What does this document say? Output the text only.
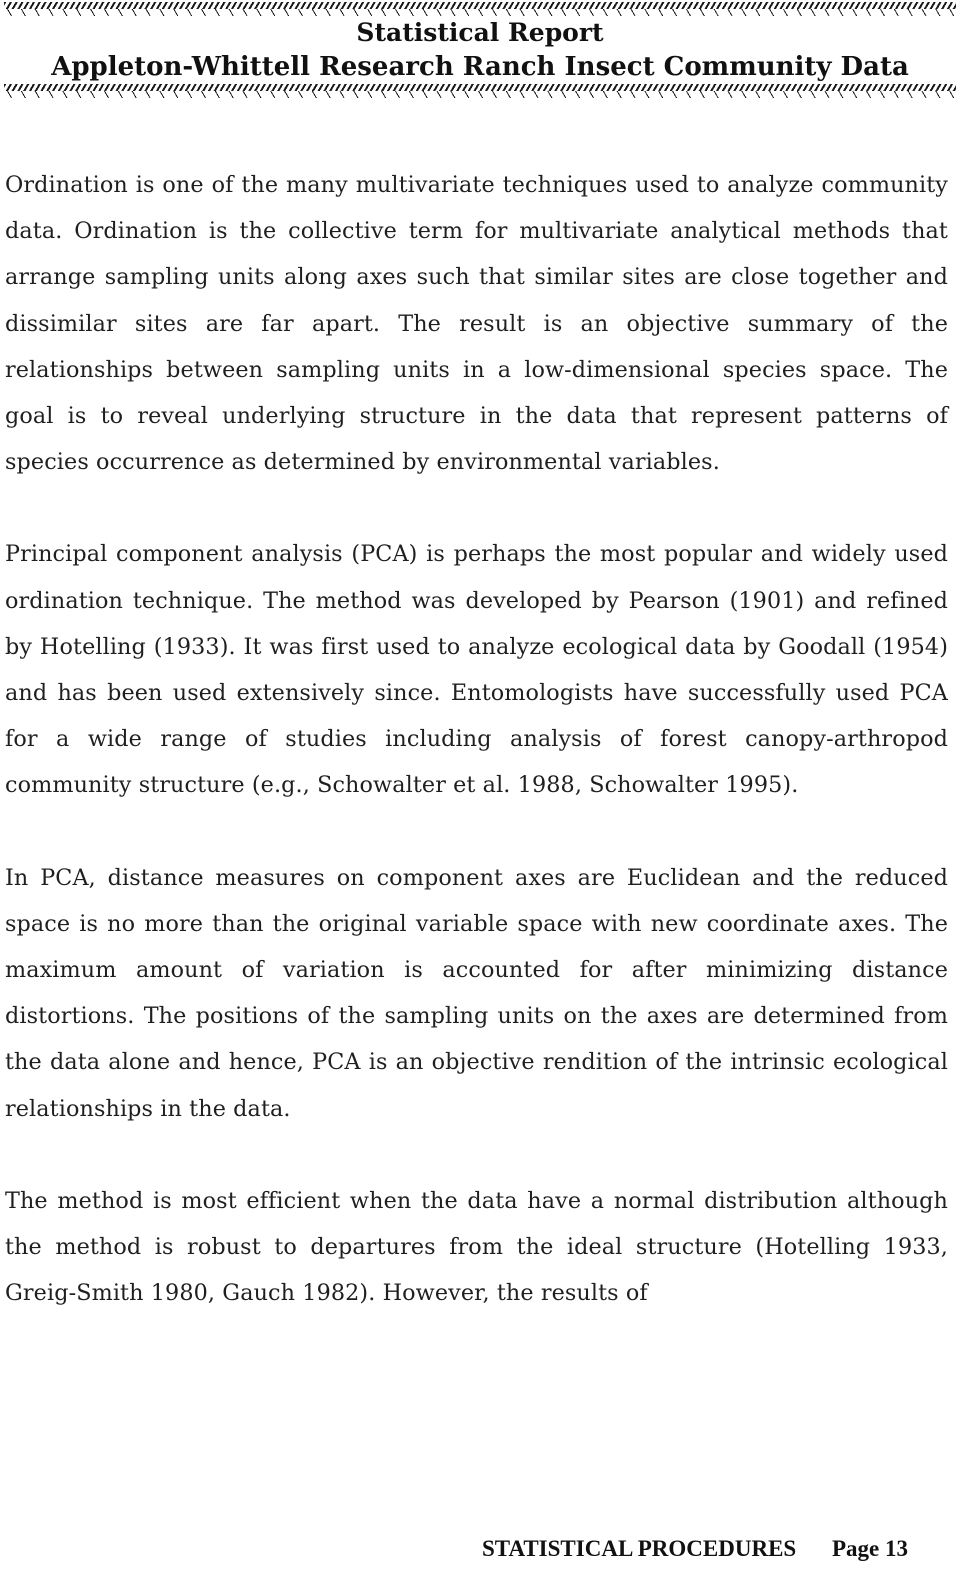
Statistical Report
Appleton-Whittell Research Ranch Insect Community Data

Ordination is one of the many multivariate techniques used to analyze community data. Ordination is the collective term for multivariate analytical methods that arrange sampling units along axes such that similar sites are close together and dissimilar sites are far apart. The result is an objective summary of the relationships between sampling units in a low-dimensional species space. The goal is to reveal underlying structure in the data that represent patterns of species occurrence as determined by environmental variables.

Principal component analysis (PCA) is perhaps the most popular and widely used ordination technique. The method was developed by Pearson (1901) and refined by Hotelling (1933). It was first used to analyze ecological data by Goodall (1954) and has been used extensively since. Entomologists have successfully used PCA for a wide range of studies including analysis of forest canopy-arthropod community structure (e.g., Schowalter et al. 1988, Schowalter 1995).

In PCA, distance measures on component axes are Euclidean and the reduced space is no more than the original variable space with new coordinate axes. The maximum amount of variation is accounted for after minimizing distance distortions. The positions of the sampling units on the axes are determined from the data alone and hence, PCA is an objective rendition of the intrinsic ecological relationships in the data.

The method is most efficient when the data have a normal distribution although the method is robust to departures from the ideal structure (Hotelling 1933, Greig-Smith 1980, Gauch 1982). However, the results of

STATISTICAL PROCEDURES Page 13
